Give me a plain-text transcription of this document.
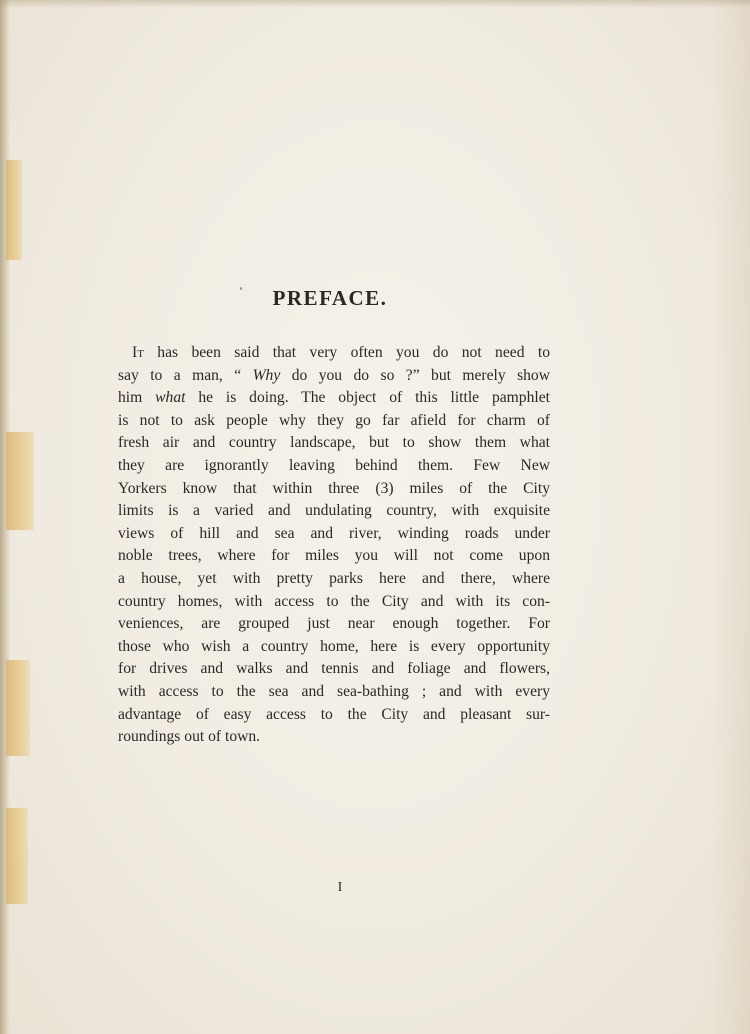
PREFACE.

It has been said that very often you do not need to
say to a man, “ Why do you do so ?” but merely show
him what he is doing. The object of this little pamphlet
is not to ask people why they go far afield for charm of
fresh air and country landscape, but to show them what
they are ignorantly leaving behind them. Few New
Yorkers know that within three (3) miles of the City
limits is a varied and undulating country, with exquisite
views of hill and sea and river, winding roads under
noble trees, where for miles you will not come upon
a house, yet with pretty parks here and there, where
country homes, with access to the City and with its con-
veniences, are grouped just near enough together. For
those who wish a country home, here is every opportunity
for drives and walks and tennis and foliage and flowers,
with access to the sea and sea-bathing ; and with every
advantage of easy access to the City and pleasant sur-
roundings out of town.

I
